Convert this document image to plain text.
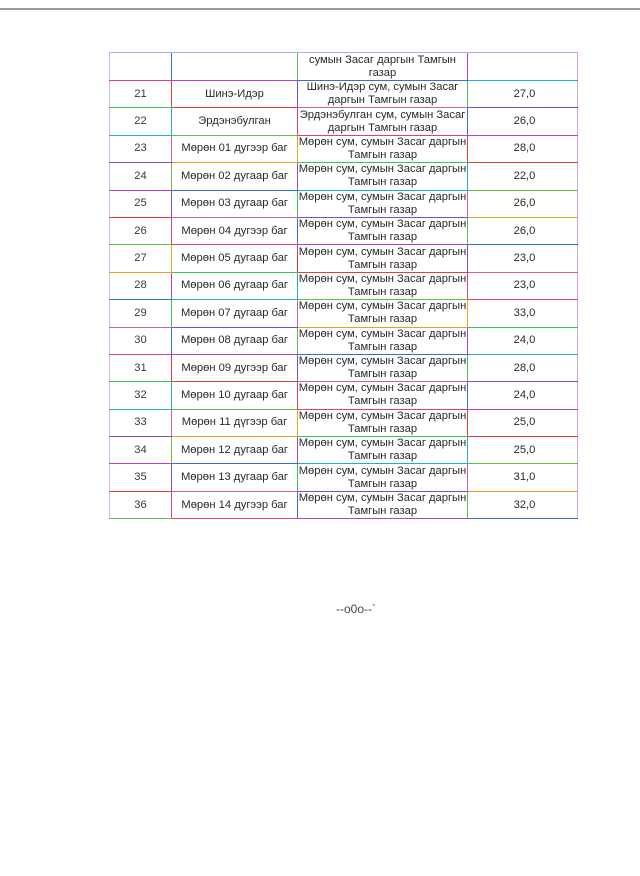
		сумын Засаг даргын Тамгын газар	
21	Шинэ-Идэр	Шинэ-Идэр сум, сумын Засаг даргын Тамгын газар	27,0
22	Эрдэнэбулган	Эрдэнэбулган сум, сумын Засаг даргын Тамгын газар	26,0
23	Мөрөн 01 дугээр баг	Мөрөн сум, сумын Засаг даргын Тамгын газар	28,0
24	Мөрөн 02 дугаар баг	Мөрөн сум, сумын Засаг даргын Тамгын газар	22,0
25	Мөрөн 03 дугаар баг	Мөрөн сум, сумын Засаг даргын Тамгын газар	26,0
26	Мөрөн 04 дугээр баг	Мөрөн сум, сумын Засаг даргын Тамгын газар	26,0
27	Мөрөн 05 дугаар баг	Мөрөн сум, сумын Засаг даргын Тамгын газар	23,0
28	Мөрөн 06 дугаар баг	Мөрөн сум, сумын Засаг даргын Тамгын газар	23,0
29	Мөрөн 07 дугаар баг	Мөрөн сум, сумын Засаг даргын Тамгын газар	33,0
30	Мөрөн 08 дугаар баг	Мөрөн сум, сумын Засаг даргын Тамгын газар	24,0
31	Мөрөн 09 дугээр баг	Мөрөн сум, сумын Засаг даргын Тамгын газар	28,0
32	Мөрөн 10 дугаар баг	Мөрөн сум, сумын Засаг даргын Тамгын газар	24,0
33	Мөрөн 11 дүгээр баг	Мөрөн сум, сумын Засаг даргын Тамгын газар	25,0
34	Мөрөн 12 дугаар баг	Мөрөн сум, сумын Засаг даргын Тамгын газар	25,0
35	Мөрөн 13 дугаар баг	Мөрөн сум, сумын Засаг даргын Тамгын газар	31,0
36	Мөрөн 14 дугээр баг	Мөрөн сум, сумын Засаг даргын Тамгын газар	32,0
--o0o--`
